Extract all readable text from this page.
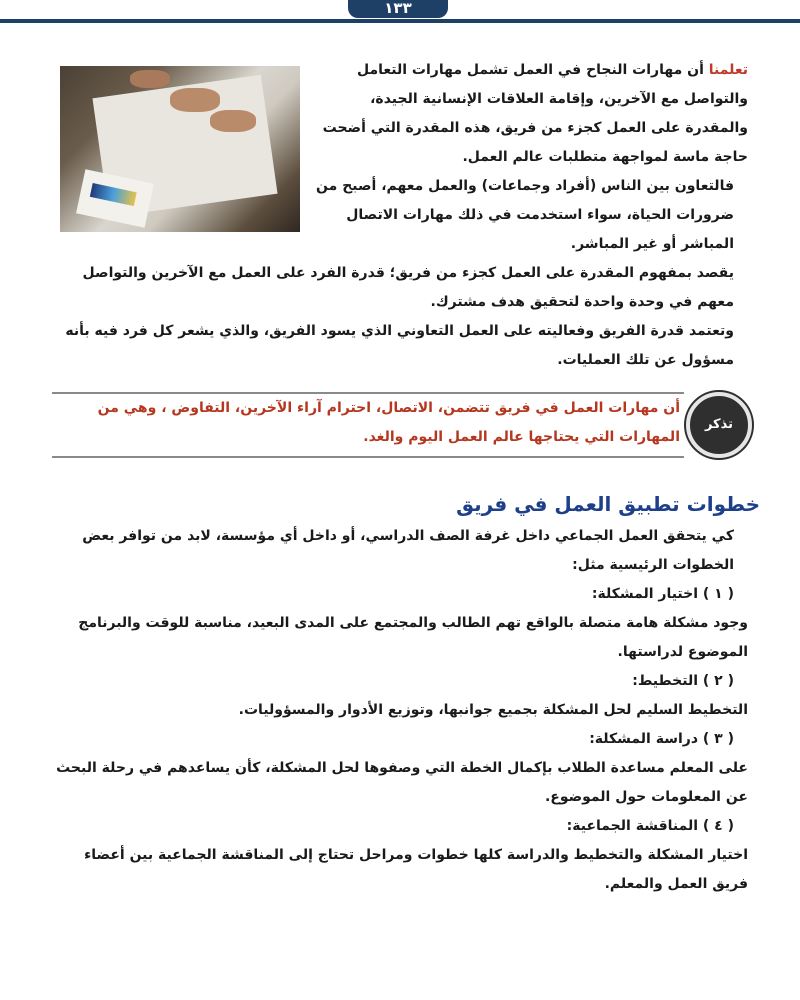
١٣٣

تعلمنا أن مهارات النجاح في العمل تشمل مهارات التعامل والتواصل مع الآخرين، وإقامة العلاقات الإنسانية الجيدة، والمقدرة على العمل كجزء من فريق، هذه المقدرة التي أضحت حاجة ماسة لمواجهة متطلبات عالم العمل.

فالتعاون بين الناس (أفراد وجماعات) والعمل معهم، أصبح من ضرورات الحياة، سواء استخدمت في ذلك مهارات الاتصال المباشر أو غير المباشر.
يقصد بمفهوم المقدرة على العمل كجزء من فريق؛ قدرة الفرد على العمل مع الآخرين والتواصل معهم في وحدة واحدة لتحقيق هدف مشترك.
وتعتمد قدرة الفريق وفعاليته على العمل التعاوني الذي يسود الفريق، والذي يشعر كل فرد فيه بأنه مسؤول عن تلك العمليات.
أن مهارات العمل في فريق تتضمن، الاتصال، احترام آراء الآخرين، التفاوض ، وهي من المهارات التي يحتاجها عالم العمل اليوم والغد.
تذكر
خطوات تطبيق العمل في فريق
كي يتحقق العمل الجماعي داخل غرفة الصف الدراسي، أو داخل أي مؤسسة، لابد من توافر بعض الخطوات الرئيسية مثل:
( ١ ) اختيار المشكلة:
وجود مشكلة هامة متصلة بالواقع تهم الطالب والمجتمع على المدى البعيد، مناسبة للوقت والبرنامج الموضوع لدراستها.
( ٢ ) التخطيط:
التخطيط السليم لحل المشكلة بجميع جوانبها، وتوزيع الأدوار والمسؤوليات.
( ٣ ) دراسة المشكلة:
على المعلم مساعدة الطلاب بإكمال الخطة التي وصفوها لحل المشكلة، كأن يساعدهم في رحلة البحث عن المعلومات حول الموضوع.
( ٤ ) المناقشة الجماعية:
اختيار المشكلة والتخطيط والدراسة كلها خطوات ومراحل تحتاج إلى المناقشة الجماعية بين أعضاء فريق العمل والمعلم.
